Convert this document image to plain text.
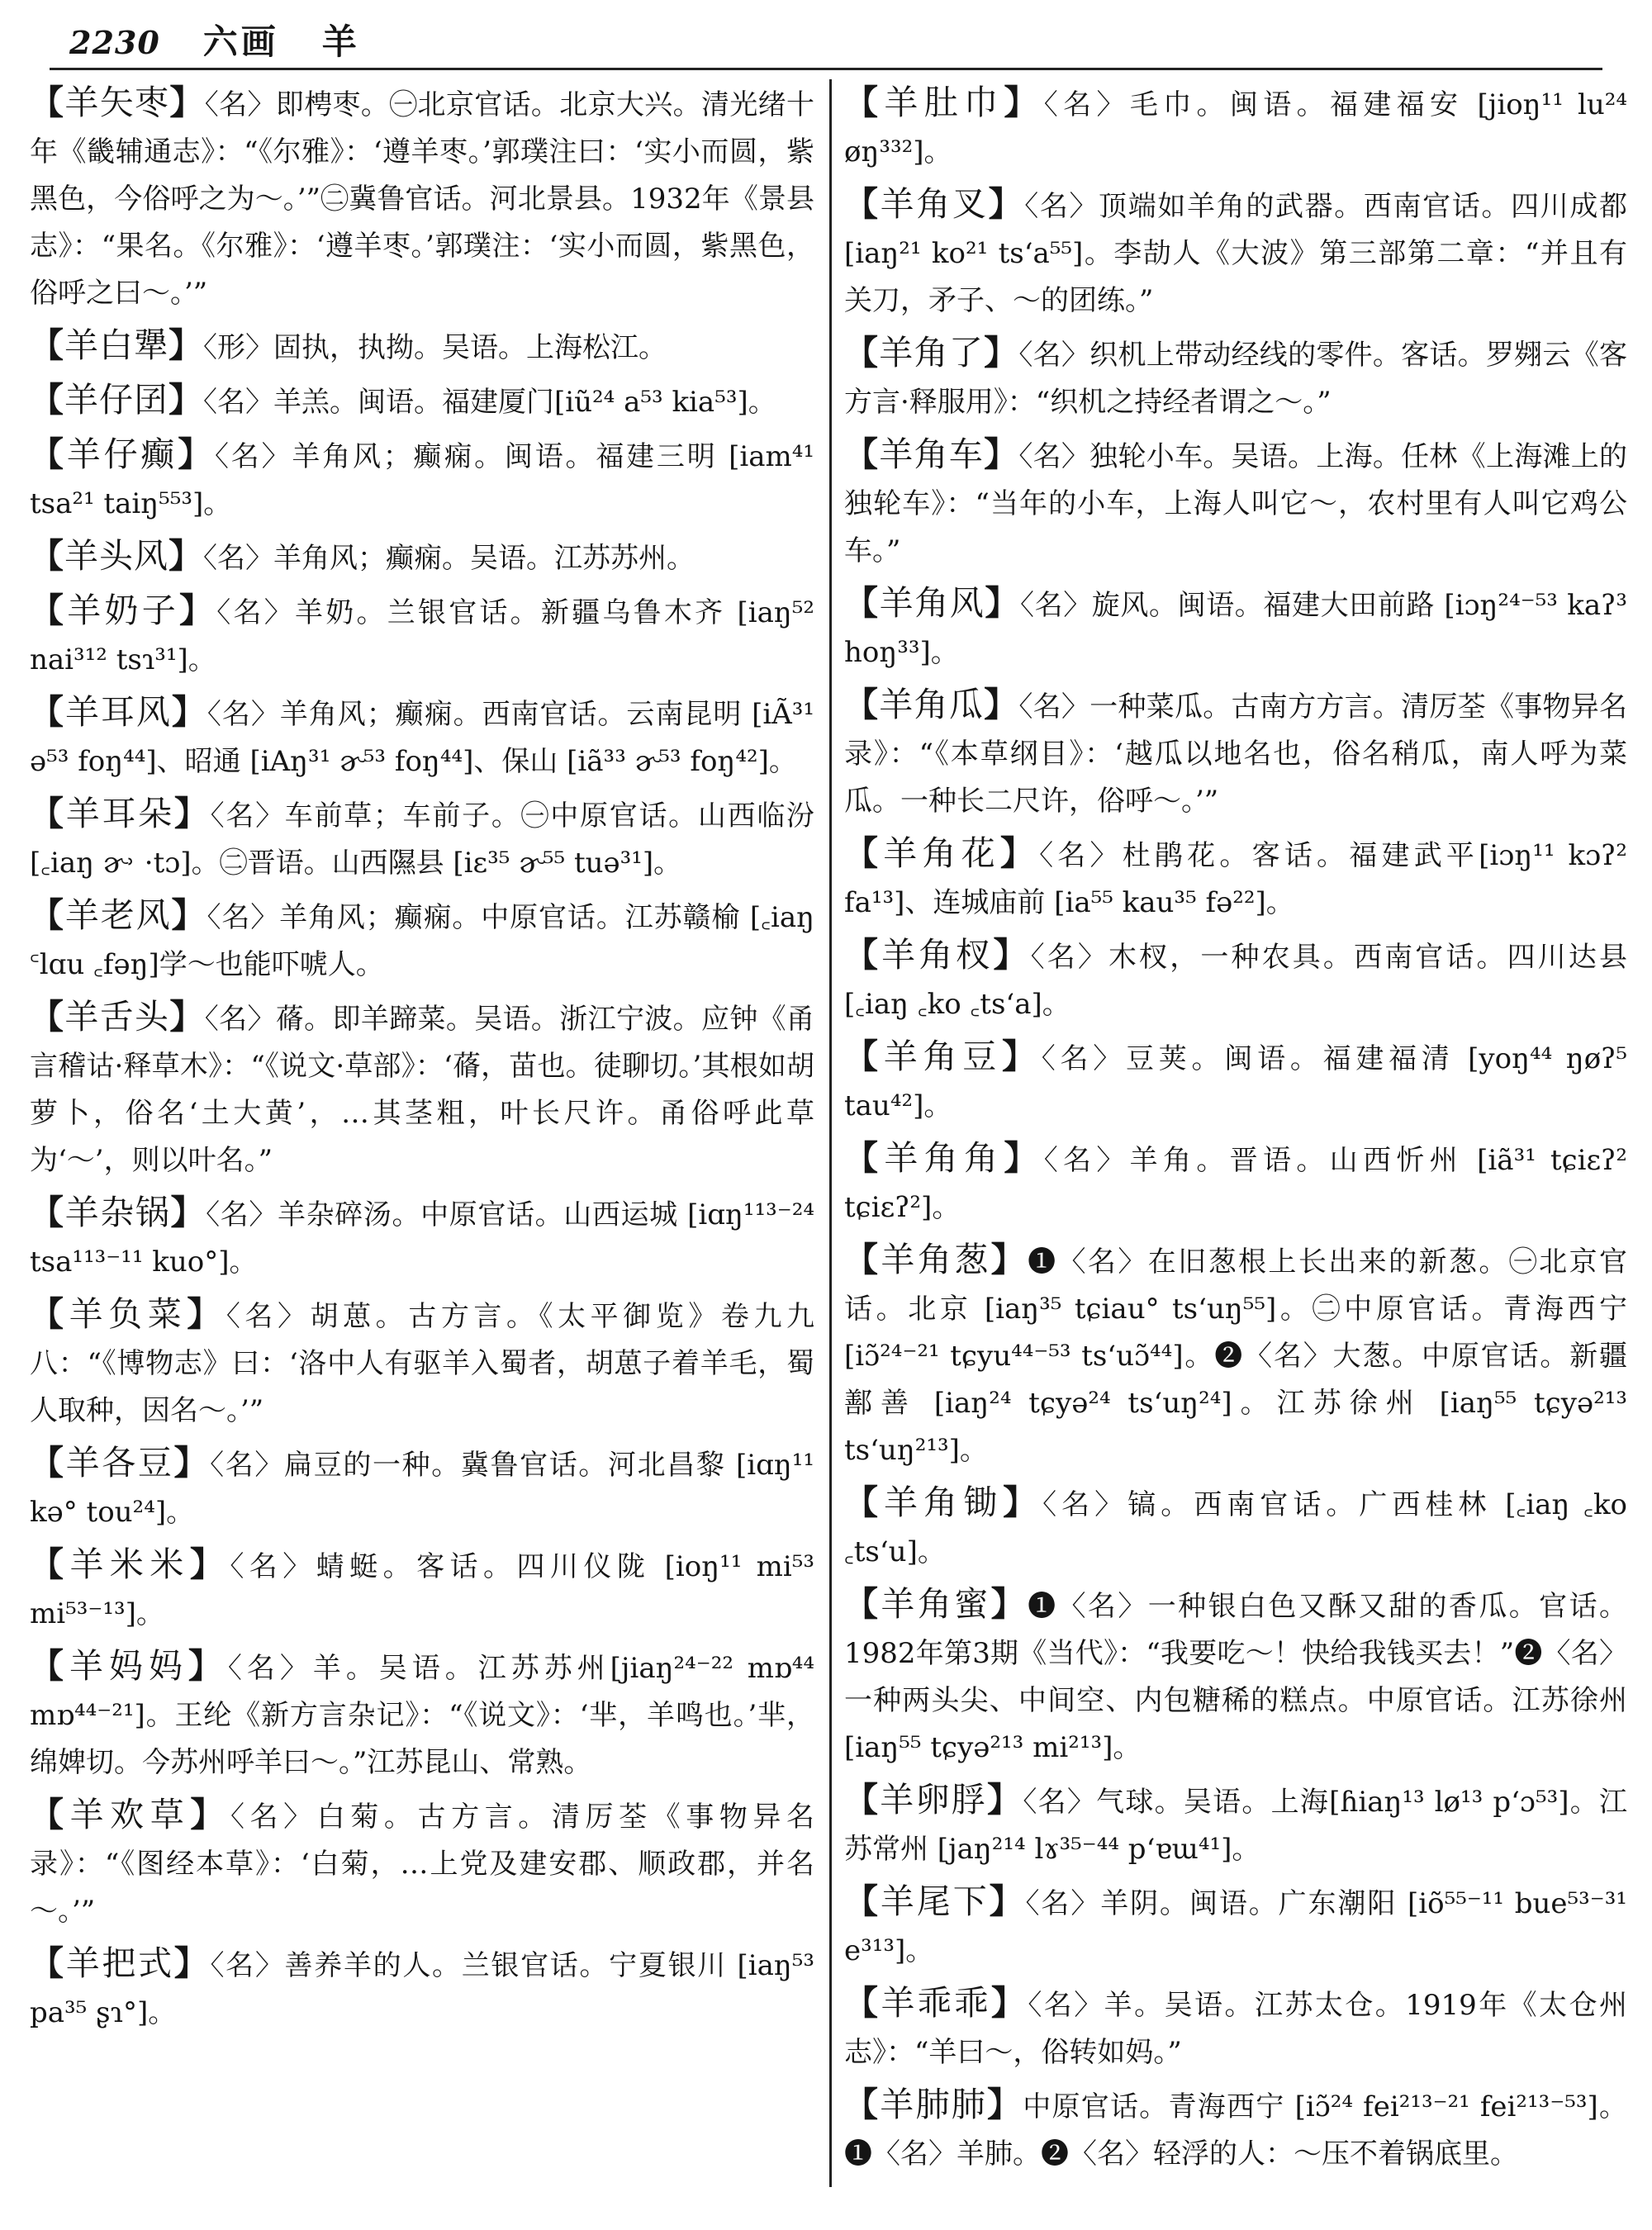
2230 六画 羊
【 羊矢枣 】 〈名〉即梬枣。㊀北京官话。北京大兴。清光绪十年《畿辅通志》：“《尔雅》：‘遵羊枣。’郭璞注曰：‘实小而圆，紫黑色，今俗呼之为～。’”㊁冀鲁官话。河北景县。1932年《景县志》：“果名。《尔雅》：‘遵羊枣。’郭璞注：‘实小而圆，紫黑色，俗呼之曰～。’”
【 羊白犟 】 〈形〉固执，执拗。吴语。上海松江。
【 羊仔囝 】 〈名〉羊羔。闽语。福建厦门[iũ²⁴ a⁵³ kia⁵³]。
【 羊仔癫 】 〈名〉羊角风；癫痫。闽语。福建三明 [iam⁴¹ tsa²¹ taiŋ⁵⁵³]。
【 羊头风 】 〈名〉羊角风；癫痫。吴语。江苏苏州。
【 羊奶子 】 〈名〉羊奶。兰银官话。新疆乌鲁木齐 [iaŋ⁵² nai³¹² tsɿ³¹]。
【 羊耳风 】 〈名〉羊角风；癫痫。西南官话。云南昆明 [iÃ³¹ ə⁵³ foŋ⁴⁴]、昭通 [iAŋ³¹ ɚ⁵³ foŋ⁴⁴]、保山 [iã³³ ɚ⁵³ foŋ⁴²]。
【 羊耳朵 】 〈名〉车前草；车前子。㊀中原官话。山西临汾 [꜀iaŋ ɚ˒ ·tɔ]。㊁晋语。山西隰县 [iɛ³⁵ ɚ⁵⁵ tuə³¹]。
【 羊老风 】 〈名〉羊角风；癫痫。中原官话。江苏赣榆 [꜀iaŋ ꜂lɑu ꜀fəŋ]学～也能吓唬人。
【 羊舌头 】 〈名〉蓨。即羊蹄菜。吴语。浙江宁波。应钟《甬言稽诂·释草木》：“《说文·草部》：‘蓨，苗也。徒聊切。’其根如胡萝卜，俗名‘土大黄’，…其茎粗，叶长尺许。甬俗呼此草为‘～’，则以叶名。”
【 羊杂锅 】 〈名〉羊杂碎汤。中原官话。山西运城 [iɑŋ¹¹³⁻²⁴ tsa¹¹³⁻¹¹ kuo°]。
【 羊负菜 】 〈名〉胡葸。古方言。《太平御览》卷九九八：“《博物志》曰：‘洛中人有驱羊入蜀者，胡葸子着羊毛，蜀人取种，因名～。’”
【 羊各豆 】 〈名〉扁豆的一种。冀鲁官话。河北昌黎 [iɑŋ¹¹ kə° tou²⁴]。
【 羊米米 】 〈名〉蜻蜓。客话。四川仪陇 [ioŋ¹¹ mi⁵³ mi⁵³⁻¹³]。
【 羊妈妈 】 〈名〉羊。吴语。江苏苏州[jiaŋ²⁴⁻²² mɒ⁴⁴ mɒ⁴⁴⁻²¹]。王纶《新方言杂记》：“《说文》：‘芈，羊鸣也。’芈，绵婢切。今苏州呼羊曰～。”江苏昆山、常熟。
【 羊欢草 】 〈名〉白菊。古方言。清厉荃《事物异名录》：“《图经本草》：‘白菊，…上党及建安郡、顺政郡，并名～。’”
【 羊把式 】 〈名〉善养羊的人。兰银官话。宁夏银川 [iaŋ⁵³ pa³⁵ ʂɿ°]。
【 羊肚巾 】 〈名〉毛巾。闽语。福建福安 [jioŋ¹¹ lu²⁴ øŋ³³²]。
【 羊角叉 】 〈名〉顶端如羊角的武器。西南官话。四川成都 [iaŋ²¹ ko²¹ tsʻa⁵⁵]。李劼人《大波》第三部第二章：“并且有关刀，矛子、～的团练。”
【 羊角了 】 〈名〉织机上带动经线的零件。客话。罗翙云《客方言·释服用》：“织机之持经者谓之～。”
【 羊角车 】 〈名〉独轮小车。吴语。上海。任林《上海滩上的独轮车》：“当年的小车，上海人叫它～，农村里有人叫它鸡公车。”
【 羊角风 】 〈名〉旋风。闽语。福建大田前路 [iɔŋ²⁴⁻⁵³ kaʔ³ hoŋ³³]。
【 羊角瓜 】 〈名〉一种菜瓜。古南方方言。清厉荃《事物异名录》：“《本草纲目》：‘越瓜以地名也，俗名稍瓜，南人呼为菜瓜。一种长二尺许，俗呼～。’”
【 羊角花 】 〈名〉杜鹃花。客话。福建武平[iɔŋ¹¹ kɔʔ² fa¹³]、连城庙前 [ia⁵⁵ kau³⁵ fə²²]。
【 羊角杈 】 〈名〉木杈，一种农具。西南官话。四川达县 [꜀iaŋ ꜀ko ꜀tsʻa]。
【 羊角豆 】 〈名〉豆荚。闽语。福建福清 [yoŋ⁴⁴ ŋøʔ⁵ tau⁴²]。
【 羊角角 】 〈名〉羊角。晋语。山西忻州 [iã³¹ tɕiɛʔ² tɕiɛʔ²]。
【 羊角葱 】 ❶〈名〉在旧葱根上长出来的新葱。㊀北京官话。北京 [iaŋ³⁵ tɕiau° tsʻuŋ⁵⁵]。㊁中原官话。青海西宁 [iɔ̃²⁴⁻²¹ tɕyu⁴⁴⁻⁵³ tsʻuɔ̃⁴⁴]。❷〈名〉大葱。中原官话。新疆鄯善 [iaŋ²⁴ tɕyə²⁴ tsʻuŋ²⁴]。江苏徐州 [iaŋ⁵⁵ tɕyə²¹³ tsʻuŋ²¹³]。
【 羊角锄 】 〈名〉镐。西南官话。广西桂林 [꜀iaŋ ꜀ko ꜀tsʻu]。
【 羊角蜜 】 ❶〈名〉一种银白色又酥又甜的香瓜。官话。1982年第3期《当代》：“我要吃～！快给我钱买去！”❷〈名〉一种两头尖、中间空、内包糖稀的糕点。中原官话。江苏徐州 [iaŋ⁵⁵ tɕyə²¹³ mi²¹³]。
【 羊卵脬 】 〈名〉气球。吴语。上海[ɦiaŋ¹³ lø¹³ pʻɔ⁵³]。江苏常州 [jaŋ²¹⁴ lɤ³⁵⁻⁴⁴ pʻɐɯ⁴¹]。
【 羊尾下 】 〈名〉羊阴。闽语。广东潮阳 [iõ⁵⁵⁻¹¹ bue⁵³⁻³¹ e³¹³]。
【 羊乖乖 】 〈名〉羊。吴语。江苏太仓。1919年《太仓州志》：“羊曰～，俗转如妈。”
【 羊肺肺 】 中原官话。青海西宁 [iɔ̃²⁴ fei²¹³⁻²¹ fei²¹³⁻⁵³]。❶〈名〉羊肺。❷〈名〉轻浮的人：～压不着锅底里。
